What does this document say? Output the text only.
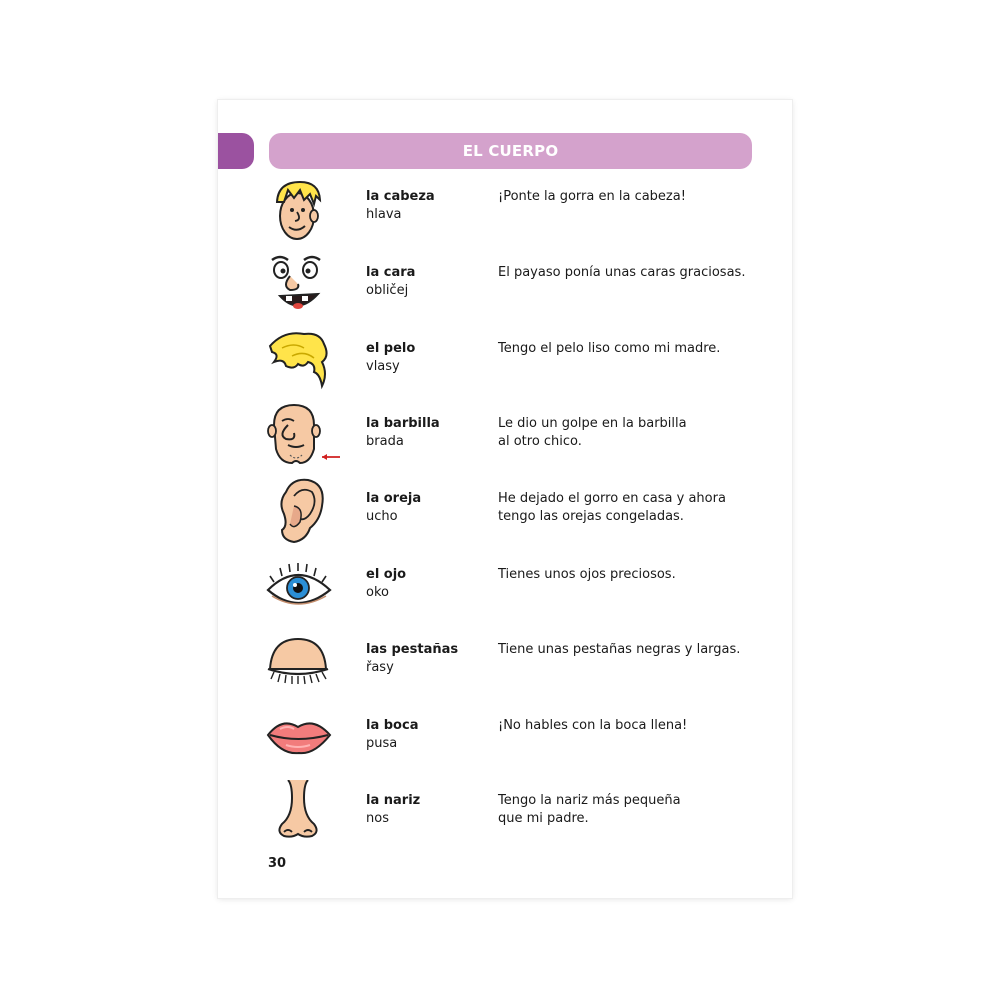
EL CUERPO
la cabeza
hlava
¡Ponte la gorra en la cabeza!
la cara
obličej
El payaso ponía unas caras graciosas.
el pelo
vlasy
Tengo el pelo liso como mi madre.
la barbilla
brada
Le dio un golpe en la barbilla
al otro chico.
la oreja
ucho
He dejado el gorro en casa y ahora
tengo las orejas congeladas.
el ojo
oko
Tienes unos ojos preciosos.
las pestañas
řasy
Tiene unas pestañas negras y largas.
la boca
pusa
¡No hables con la boca llena!
la nariz
nos
Tengo la nariz más pequeña
que mi padre.
30
